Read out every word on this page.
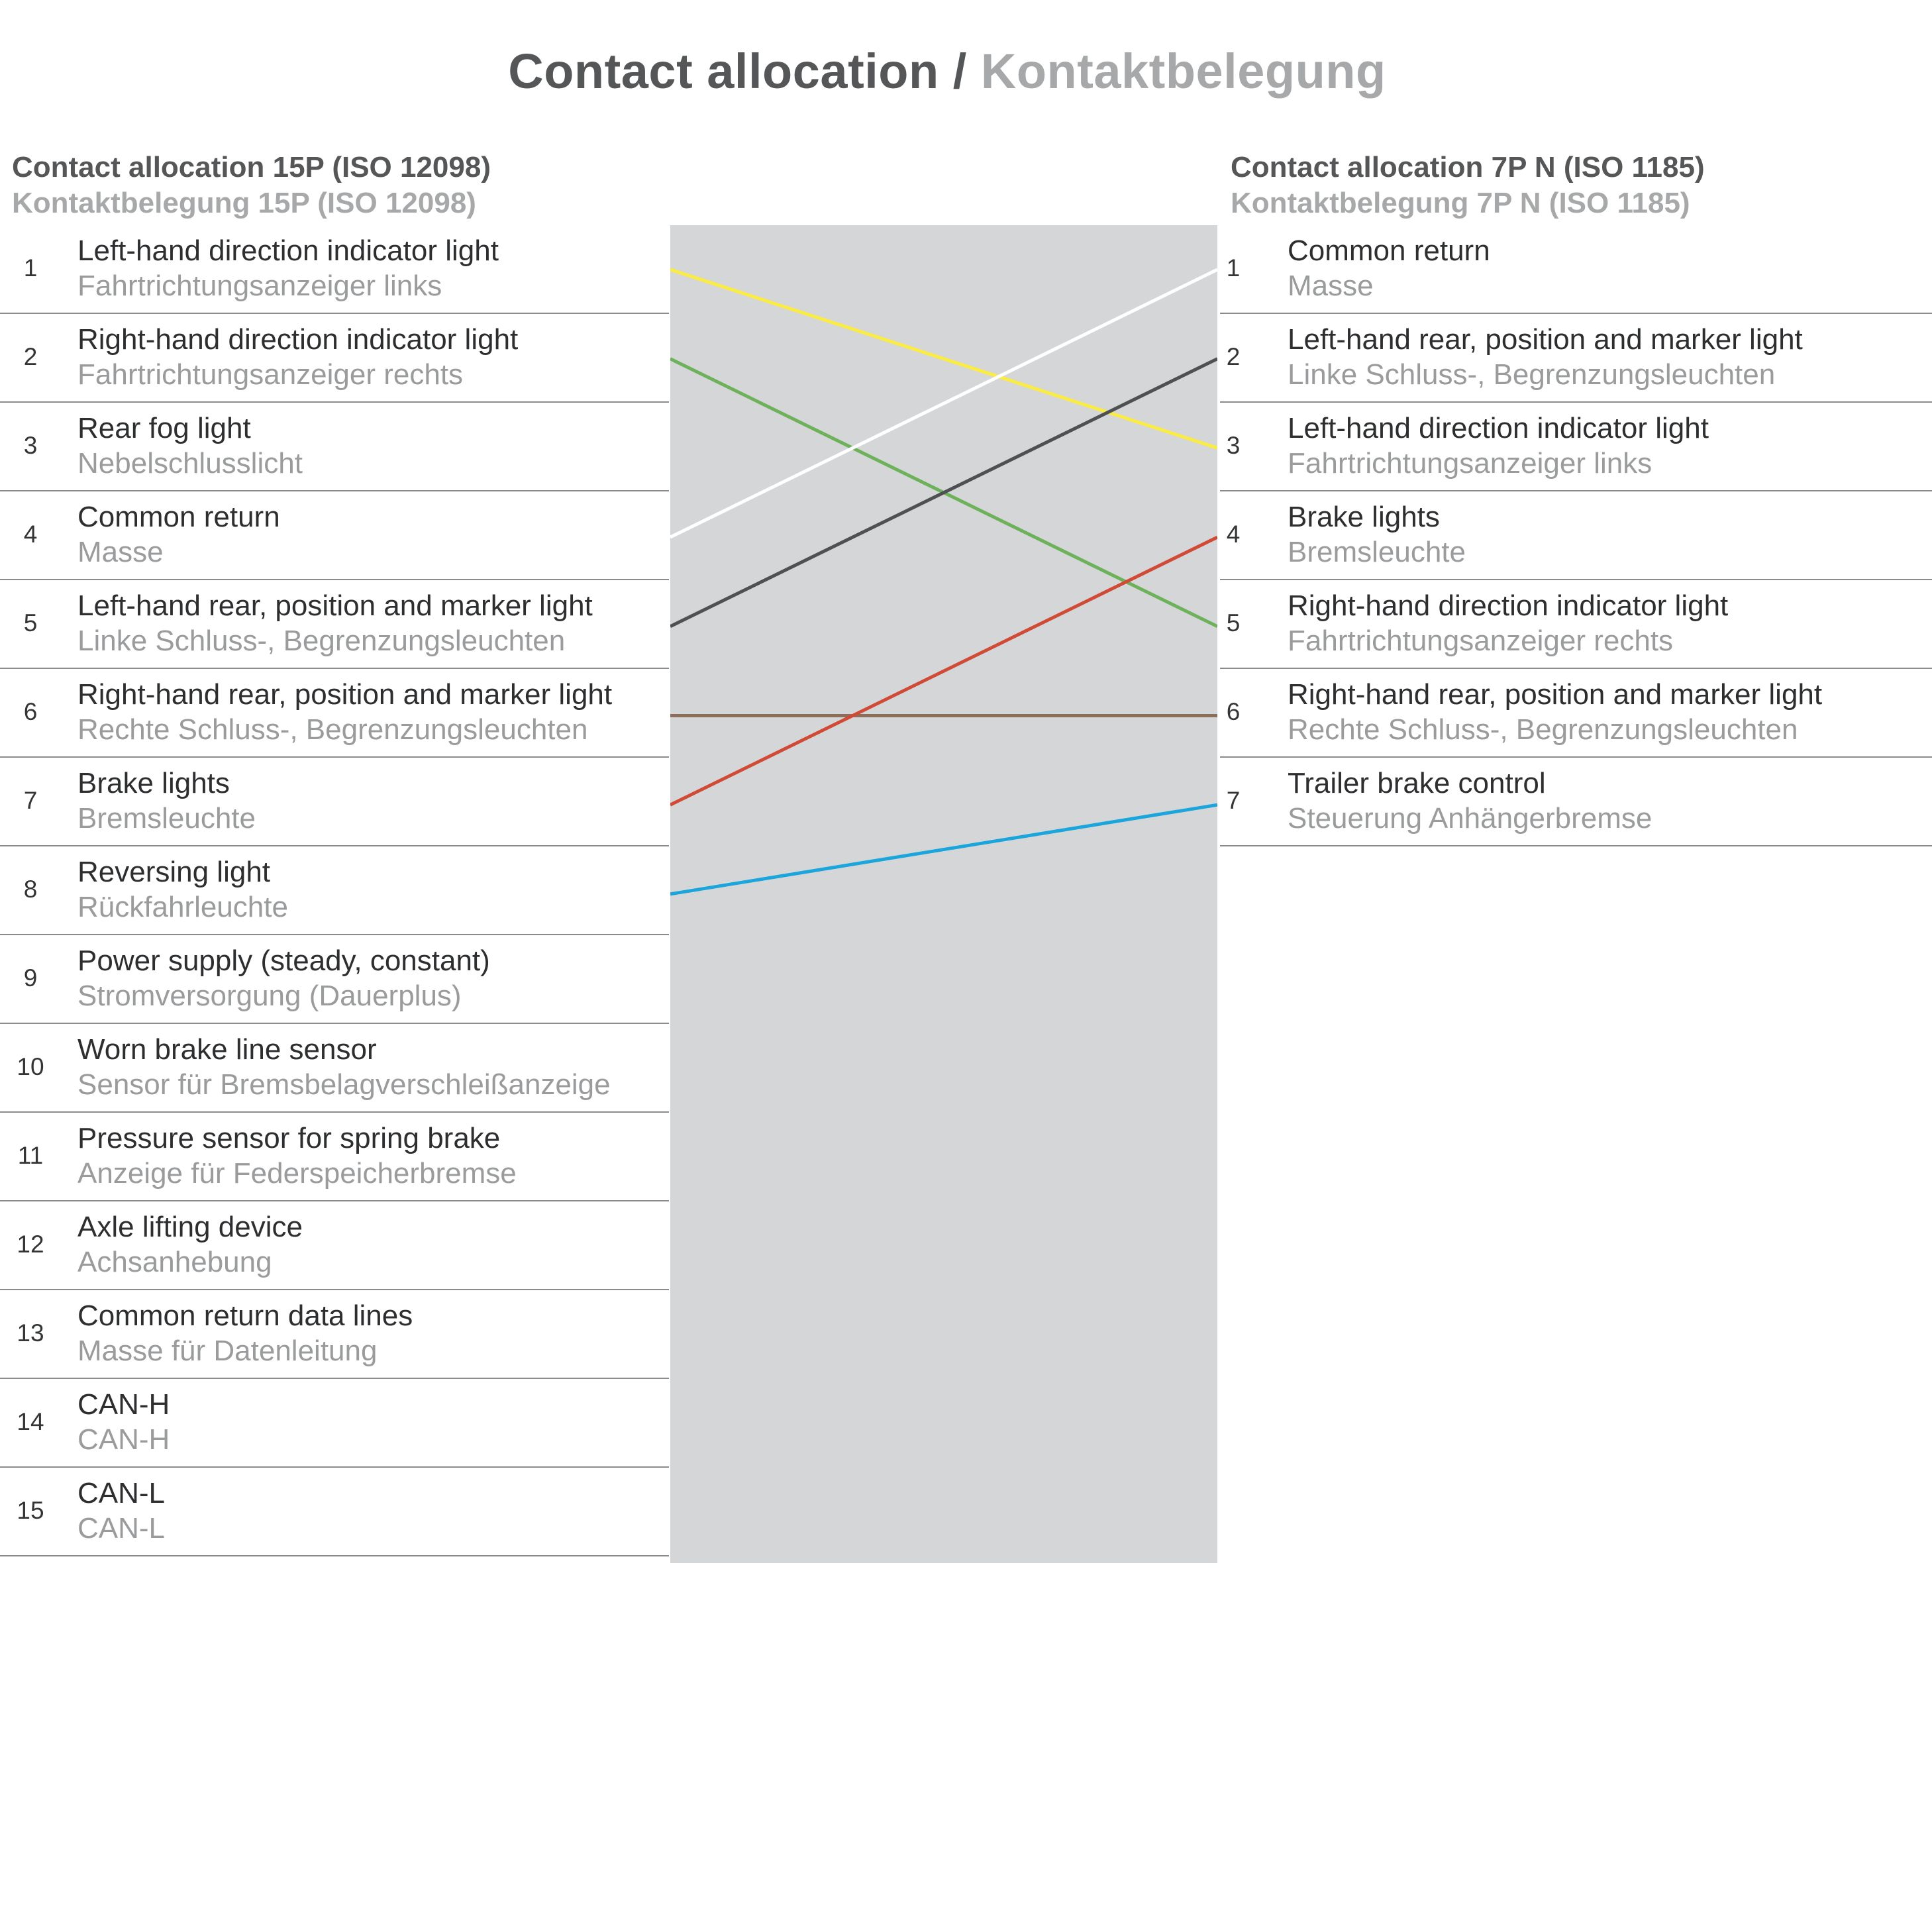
Contact allocation / Kontaktbelegung
Contact allocation 15P (ISO 12098)
Kontaktbelegung 15P (ISO 12098)
Contact allocation 7P N (ISO 1185)
Kontaktbelegung 7P N (ISO 1185)
1
Left-hand direction indicator light
Fahrtrichtungsanzeiger links
2
Right-hand direction indicator light
Fahrtrichtungsanzeiger rechts
3
Rear fog light
Nebelschlusslicht
4
Common return
Masse
5
Left-hand rear, position and marker light
Linke Schluss-, Begrenzungsleuchten
6
Right-hand rear, position and marker light
Rechte Schluss-, Begrenzungsleuchten
7
Brake lights
Bremsleuchte
8
Reversing light
Rückfahrleuchte
9
Power supply (steady, constant)
Stromversorgung (Dauerplus)
10
Worn brake line sensor
Sensor für Bremsbelagverschleißanzeige
11
Pressure sensor for spring brake
Anzeige für Federspeicherbremse
12
Axle lifting device
Achsanhebung
13
Common return data lines
Masse für Datenleitung
14
CAN-H
CAN-H
15
CAN-L
CAN-L
1
Common return
Masse
2
Left-hand rear, position and marker light
Linke Schluss-, Begrenzungsleuchten
3
Left-hand direction indicator light
Fahrtrichtungsanzeiger links
4
Brake lights
Bremsleuchte
5
Right-hand direction indicator light
Fahrtrichtungsanzeiger rechts
6
Right-hand rear, position and marker light
Rechte Schluss-, Begrenzungsleuchten
7
Trailer brake control
Steuerung Anhängerbremse
